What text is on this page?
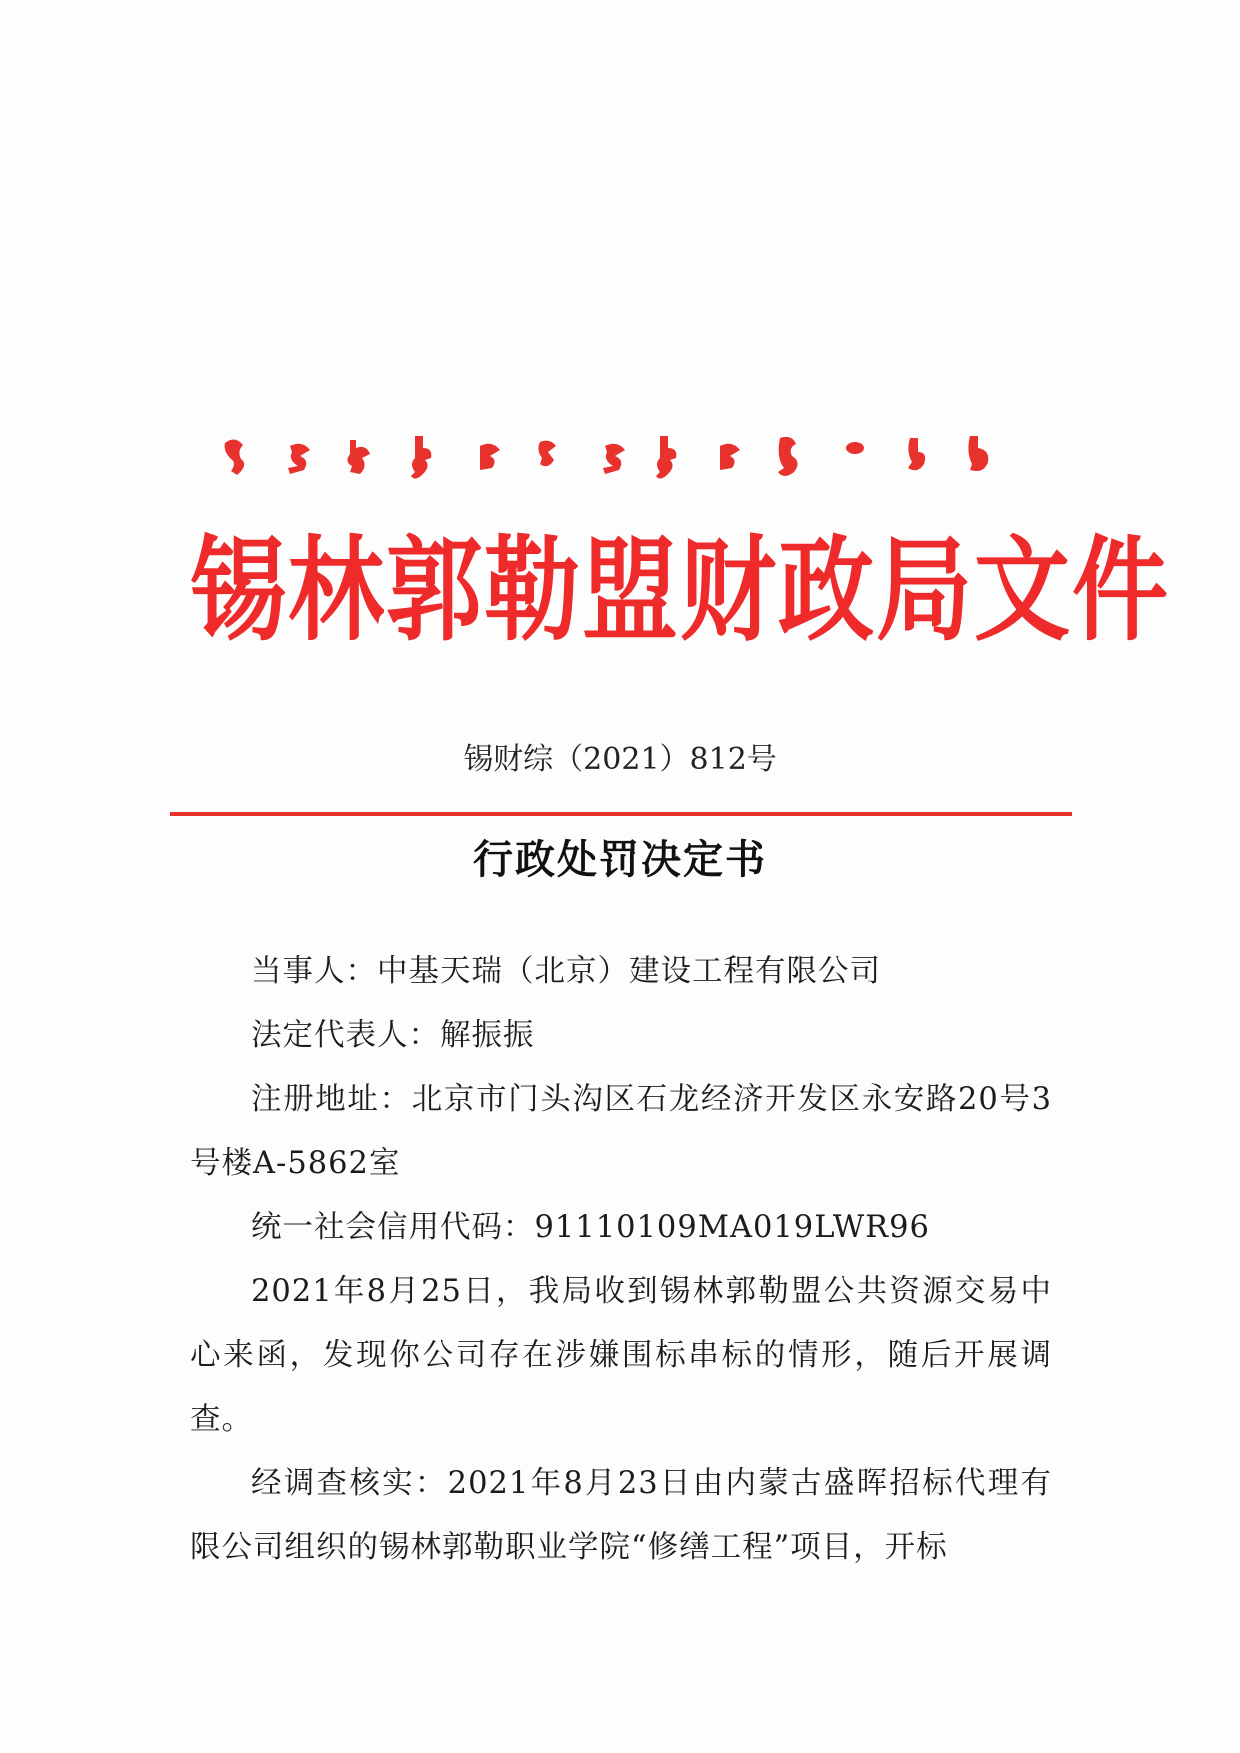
锡林郭勒盟财政局文件
锡财综（2021）812号
行政处罚决定书

当事人：中基天瑞（北京）建设工程有限公司

法定代表人：解振振

注册地址：北京市门头沟区石龙经济开发区永安路20号3号楼A-5862室

统一社会信用代码：91110109MA019LWR96

2021年8月25日，我局收到锡林郭勒盟公共资源交易中心来函，发现你公司存在涉嫌围标串标的情形，随后开展调查。

经调查核实：2021年8月23日由内蒙古盛晖招标代理有限公司组织的锡林郭勒职业学院“修缮工程”项目，开标
